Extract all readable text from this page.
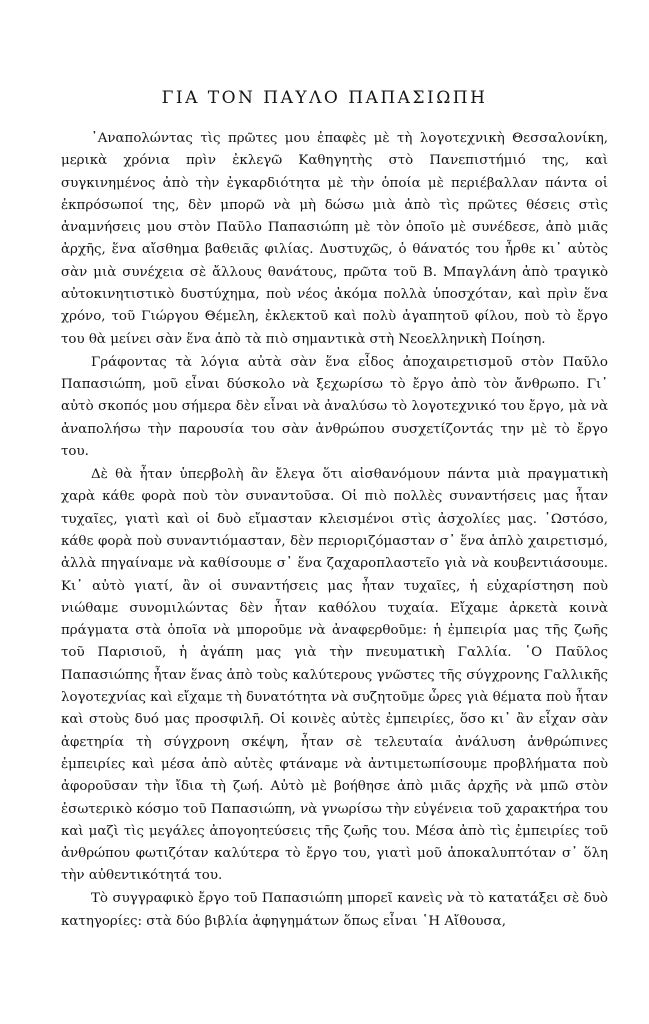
ΓΙΑ ΤΟΝ ΠΑΥΛΟ ΠΑΠΑΣΙΩΠΗ

᾿Αναπολώντας τὶς πρῶτες μου ἐπαφὲς μὲ τὴ λογοτεχνικὴ Θεσσαλονίκη, μερικὰ χρόνια πρὶν ἐκλεγῶ Καθηγητὴς στὸ Πανεπιστήμιό της, καὶ συγκινημένος ἀπὸ τὴν ἐγκαρδιότητα μὲ τὴν ὁποία μὲ περιέβαλλαν πάντα οἱ ἐκπρόσωποί της, δὲν μπορῶ νὰ μὴ δώσω μιὰ ἀπὸ τὶς πρῶτες θέσεις στὶς ἀναμνήσεις μου στὸν Παῦλο Παπασιώπη μὲ τὸν ὁποῖο μὲ συνέδεσε, ἀπὸ μιᾶς ἀρχῆς, ἕνα αἴσθημα βαθειᾶς φιλίας. Δυστυχῶς, ὁ θάνατός του ἦρθε κι᾿ αὐτὸς σὰν μιὰ συνέχεια σὲ ἄλλους θανάτους, πρῶτα τοῦ Β. Μπαγλάνη ἀπὸ τραγικὸ αὐτοκινητιστικὸ δυστύχημα, ποὺ νέος ἀκόμα πολλὰ ὑποσχόταν, καὶ πρὶν ἕνα χρόνο, τοῦ Γιώργου Θέμελη, ἐκλεκτοῦ καὶ πολὺ ἀγαπητοῦ φίλου, ποὺ τὸ ἔργο του θὰ μείνει σὰν ἕνα ἀπὸ τὰ πιὸ σημαντικὰ στὴ Νεοελληνικὴ Ποίηση.

Γράφοντας τὰ λόγια αὐτὰ σὰν ἕνα εἶδος ἀποχαιρετισμοῦ στὸν Παῦλο Παπασιώπη, μοῦ εἶναι δύσκολο νὰ ξεχωρίσω τὸ ἔργο ἀπὸ τὸν ἄνθρωπο. Γι᾿ αὐτὸ σκοπός μου σήμερα δὲν εἶναι νὰ ἀναλύσω τὸ λογοτεχνικό του ἔργο, μὰ νὰ ἀναπολήσω τὴν παρουσία του σὰν ἀνθρώπου συσχετίζοντάς την μὲ τὸ ἔργο του.

Δὲ θὰ ἦταν ὑπερβολὴ ἂν ἔλεγα ὅτι αἰσθανόμουν πάντα μιὰ πραγματικὴ χαρὰ κάθε φορὰ ποὺ τὸν συναντοῦσα. Οἱ πιὸ πολλὲς συναντήσεις μας ἦταν τυχαῖες, γιατὶ καὶ οἱ δυὸ εἴμασταν κλεισμένοι στὶς ἀσχολίες μας. ῾Ωστόσο, κάθε φορὰ ποὺ συναντιόμασταν, δὲν περιοριζόμασταν σ᾿ ἕνα ἁπλὸ χαιρετισμό, ἀλλὰ πηγαίναμε νὰ καθίσουμε σ᾿ ἕνα ζαχαροπλαστεῖο γιὰ νὰ κουβεντιάσουμε. Κι᾿ αὐτὸ γιατί, ἂν οἱ συναντήσεις μας ἦταν τυχαῖες, ἡ εὐχαρίστηση ποὺ νιώθαμε συνομιλώντας δὲν ἦταν καθόλου τυχαία. Εἴχαμε ἀρκετὰ κοινὰ πράγματα στὰ ὁποῖα νὰ μποροῦμε νὰ ἀναφερθοῦμε: ἡ ἐμπειρία μας τῆς ζωῆς τοῦ Παρισιοῦ, ἡ ἀγάπη μας γιὰ τὴν πνευματικὴ Γαλλία. ῾Ο Παῦλος Παπασιώπης ἦταν ἕνας ἀπὸ τοὺς καλύτερους γνῶστες τῆς σύγχρονης Γαλλικῆς λογοτεχνίας καὶ εἴχαμε τὴ δυνατότητα νὰ συζητοῦμε ὧρες γιὰ θέματα ποὺ ἦταν καὶ στοὺς δυό μας προσφιλῆ. Οἱ κοινὲς αὐτὲς ἐμπειρίες, ὅσο κι᾿ ἂν εἶχαν σὰν ἀφετηρία τὴ σύγχρονη σκέψη, ἦταν σὲ τελευταία ἀνάλυση ἀνθρώπινες ἐμπειρίες καὶ μέσα ἀπὸ αὐτὲς φτάναμε νὰ ἀντιμετωπίσουμε προβλήματα ποὺ ἀφοροῦσαν τὴν ἴδια τὴ ζωή. Αὐτὸ μὲ βοήθησε ἀπὸ μιᾶς ἀρχῆς νὰ μπῶ στὸν ἐσωτερικὸ κόσμο τοῦ Παπασιώπη, νὰ γνωρίσω τὴν εὐγένεια τοῦ χαρακτήρα του καὶ μαζὶ τὶς μεγάλες ἀπογοητεύσεις τῆς ζωῆς του. Μέσα ἀπὸ τὶς ἐμπειρίες τοῦ ἀνθρώπου φωτιζόταν καλύτερα τὸ ἔργο του, γιατὶ μοῦ ἀποκαλυπτόταν σ᾿ ὅλη τὴν αὐθεντικότητά του.

Τὸ συγγραφικὸ ἔργο τοῦ Παπασιώπη μπορεῖ κανεὶς νὰ τὸ κατατάξει σὲ δυὸ κατηγορίες: στὰ δύο βιβλία ἀφηγημάτων ὅπως εἶναι ῾Η Αἴθουσα,
